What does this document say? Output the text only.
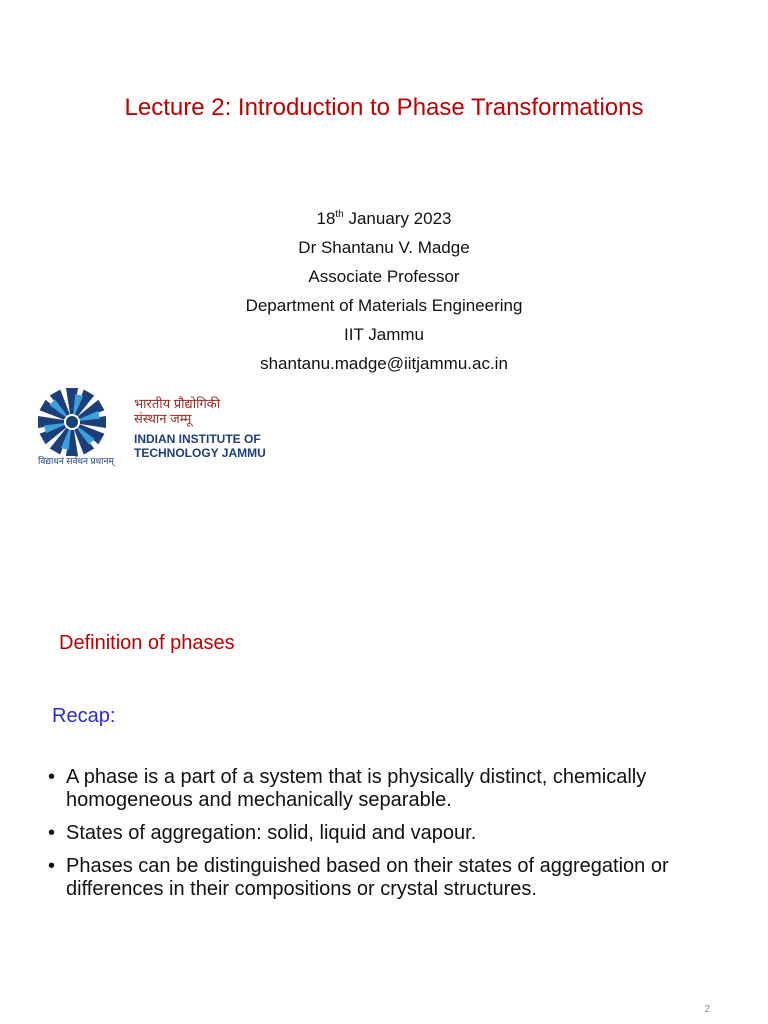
Lecture 2: Introduction to Phase Transformations
18th January 2023
Dr Shantanu V. Madge
Associate Professor
Department of Materials Engineering
IIT Jammu
shantanu.madge@iitjammu.ac.in
भारतीय प्रौद्योगिकी
संस्थान जम्मू
INDIAN INSTITUTE OF
TECHNOLOGY JAMMU
विद्याधनं सर्वधन प्रधानम्
Definition of phases
Recap:
• A phase is a part of a system that is physically distinct, chemically homogeneous and mechanically separable.
• States of aggregation: solid, liquid and vapour.
• Phases can be distinguished based on their states of aggregation or differences in their compositions or crystal structures.
2
